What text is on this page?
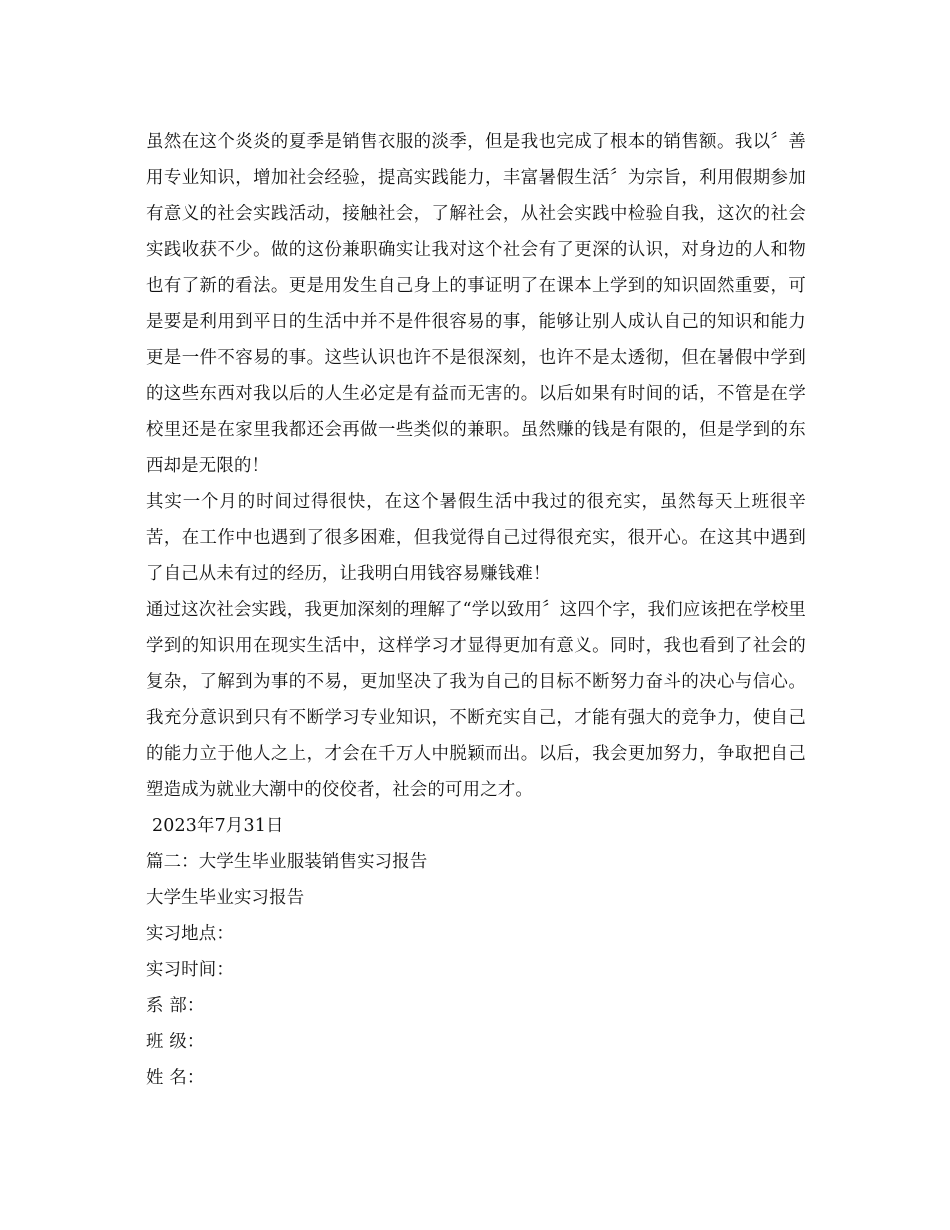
虽然在这个炎炎的夏季是销售衣服的淡季，但是我也完成了根本的销售额。我以〞善用专业知识，增加社会经验，提高实践能力，丰富暑假生活〞为宗旨，利用假期参加有意义的社会实践活动，接触社会，了解社会，从社会实践中检验自我，这次的社会实践收获不少。做的这份兼职确实让我对这个社会有了更深的认识，对身边的人和物也有了新的看法。更是用发生自己身上的事证明了在课本上学到的知识固然重要，可是要是利用到平日的生活中并不是件很容易的事，能够让别人成认自己的知识和能力更是一件不容易的事。这些认识也许不是很深刻，也许不是太透彻，但在暑假中学到的这些东西对我以后的人生必定是有益而无害的。以后如果有时间的话，不管是在学校里还是在家里我都还会再做一些类似的兼职。虽然赚的钱是有限的，但是学到的东西却是无限的！

其实一个月的时间过得很快，在这个暑假生活中我过的很充实，虽然每天上班很辛苦，在工作中也遇到了很多困难，但我觉得自己过得很充实，很开心。在这其中遇到了自己从未有过的经历，让我明白用钱容易赚钱难！

通过这次社会实践，我更加深刻的理解了“学以致用〞这四个字，我们应该把在学校里学到的知识用在现实生活中，这样学习才显得更加有意义。同时，我也看到了社会的复杂，了解到为事的不易，更加坚决了我为自己的目标不断努力奋斗的决心与信心。我充分意识到只有不断学习专业知识，不断充实自己，才能有强大的竞争力，使自己的能力立于他人之上，才会在千万人中脱颖而出。以后，我会更加努力，争取把自己塑造成为就业大潮中的佼佼者，社会的可用之才。

2023年7月31日

篇二：大学生毕业服装销售实习报告

大学生毕业实习报告

实习地点：

实习时间：

系 部：

班 级：

姓 名：
